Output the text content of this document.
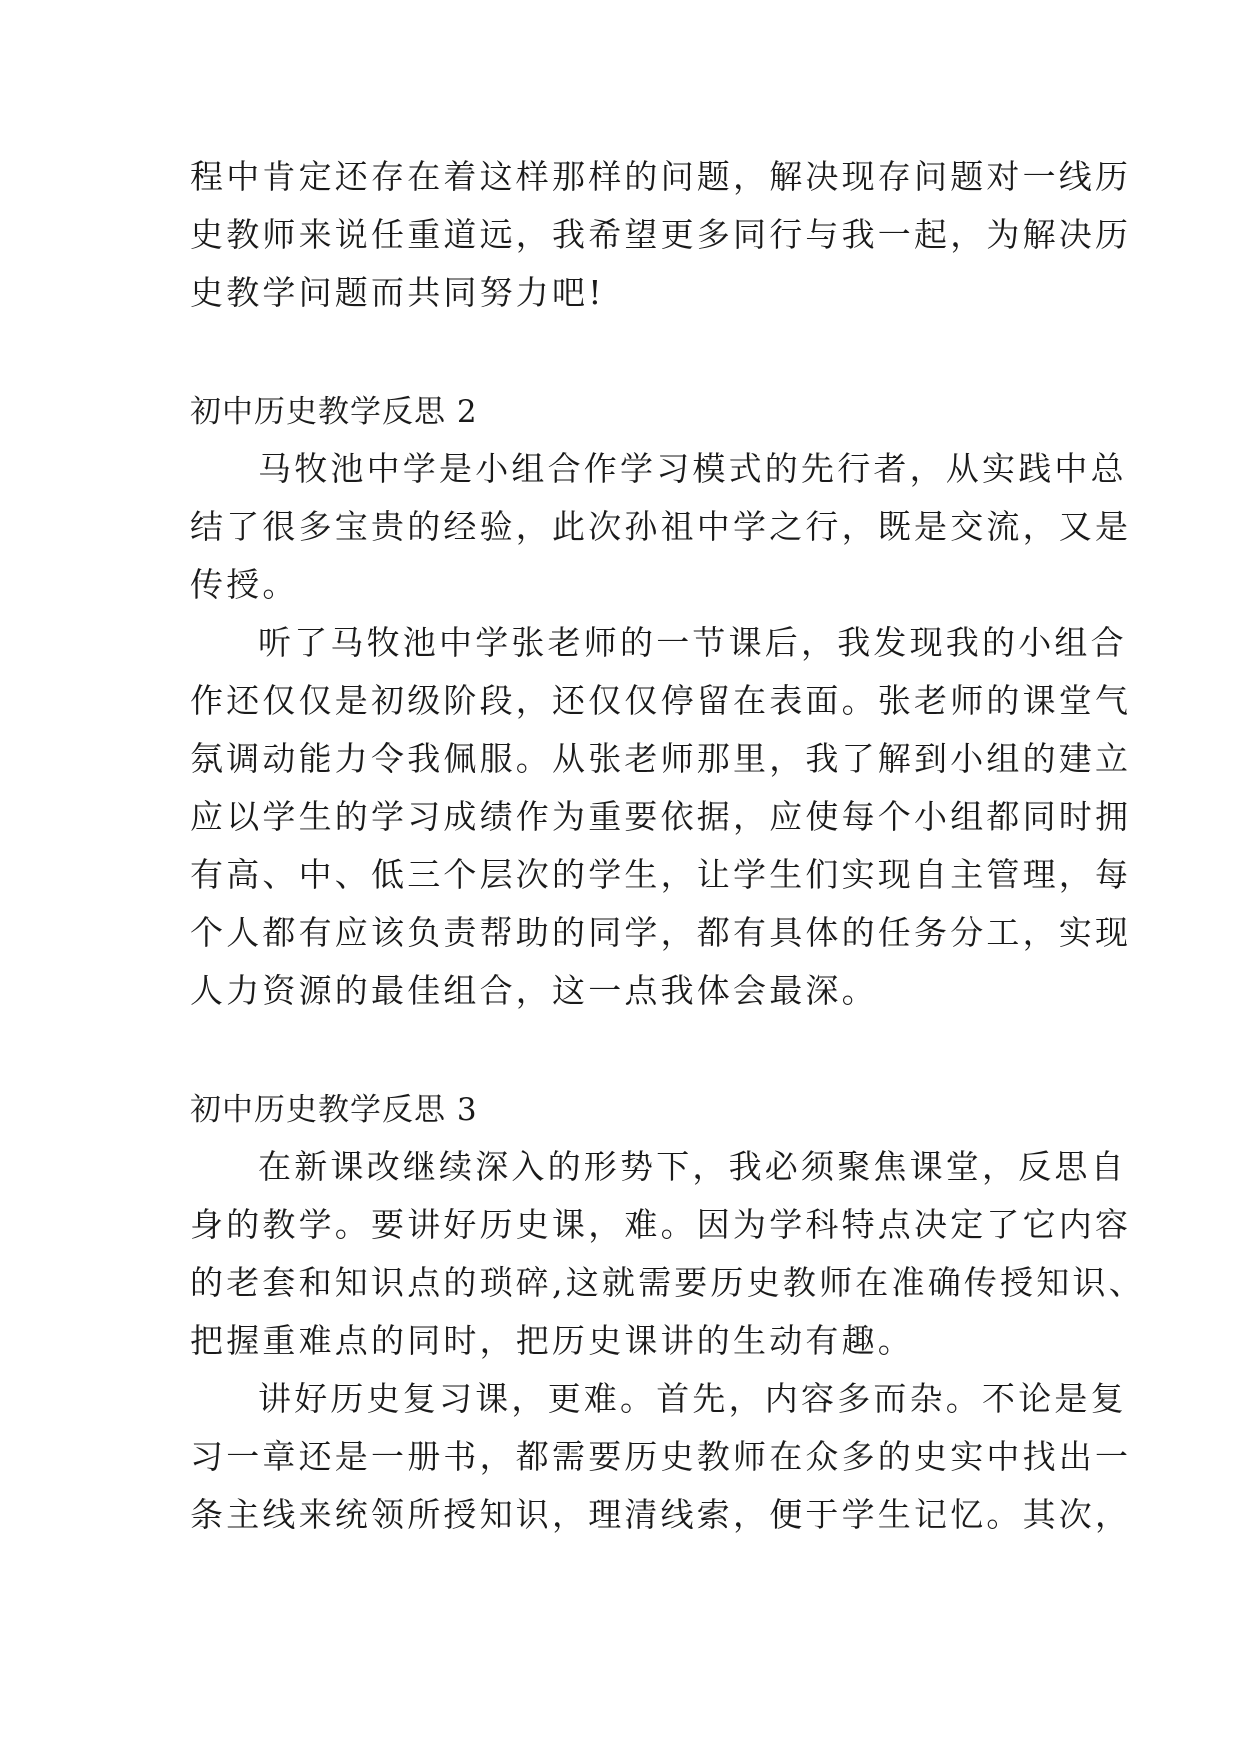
程中肯定还存在着这样那样的问题，解决现存问题对一线历
史教师来说任重道远，我希望更多同行与我一起，为解决历
史教学问题而共同努力吧!
初中历史教学反思 2
马牧池中学是小组合作学习模式的先行者，从实践中总
结了很多宝贵的经验，此次孙祖中学之行，既是交流，又是
传授。
听了马牧池中学张老师的一节课后，我发现我的小组合
作还仅仅是初级阶段，还仅仅停留在表面。张老师的课堂气
氛调动能力令我佩服。从张老师那里，我了解到小组的建立
应以学生的学习成绩作为重要依据，应使每个小组都同时拥
有高、中、低三个层次的学生，让学生们实现自主管理，每
个人都有应该负责帮助的同学，都有具体的任务分工，实现
人力资源的最佳组合，这一点我体会最深。
初中历史教学反思 3
在新课改继续深入的形势下，我必须聚焦课堂，反思自
身的教学。要讲好历史课，难。因为学科特点决定了它内容
的老套和知识点的琐碎,这就需要历史教师在准确传授知识、
把握重难点的同时，把历史课讲的生动有趣。
讲好历史复习课，更难。首先，内容多而杂。不论是复
习一章还是一册书，都需要历史教师在众多的史实中找出一
条主线来统领所授知识，理清线索，便于学生记忆。其次，
